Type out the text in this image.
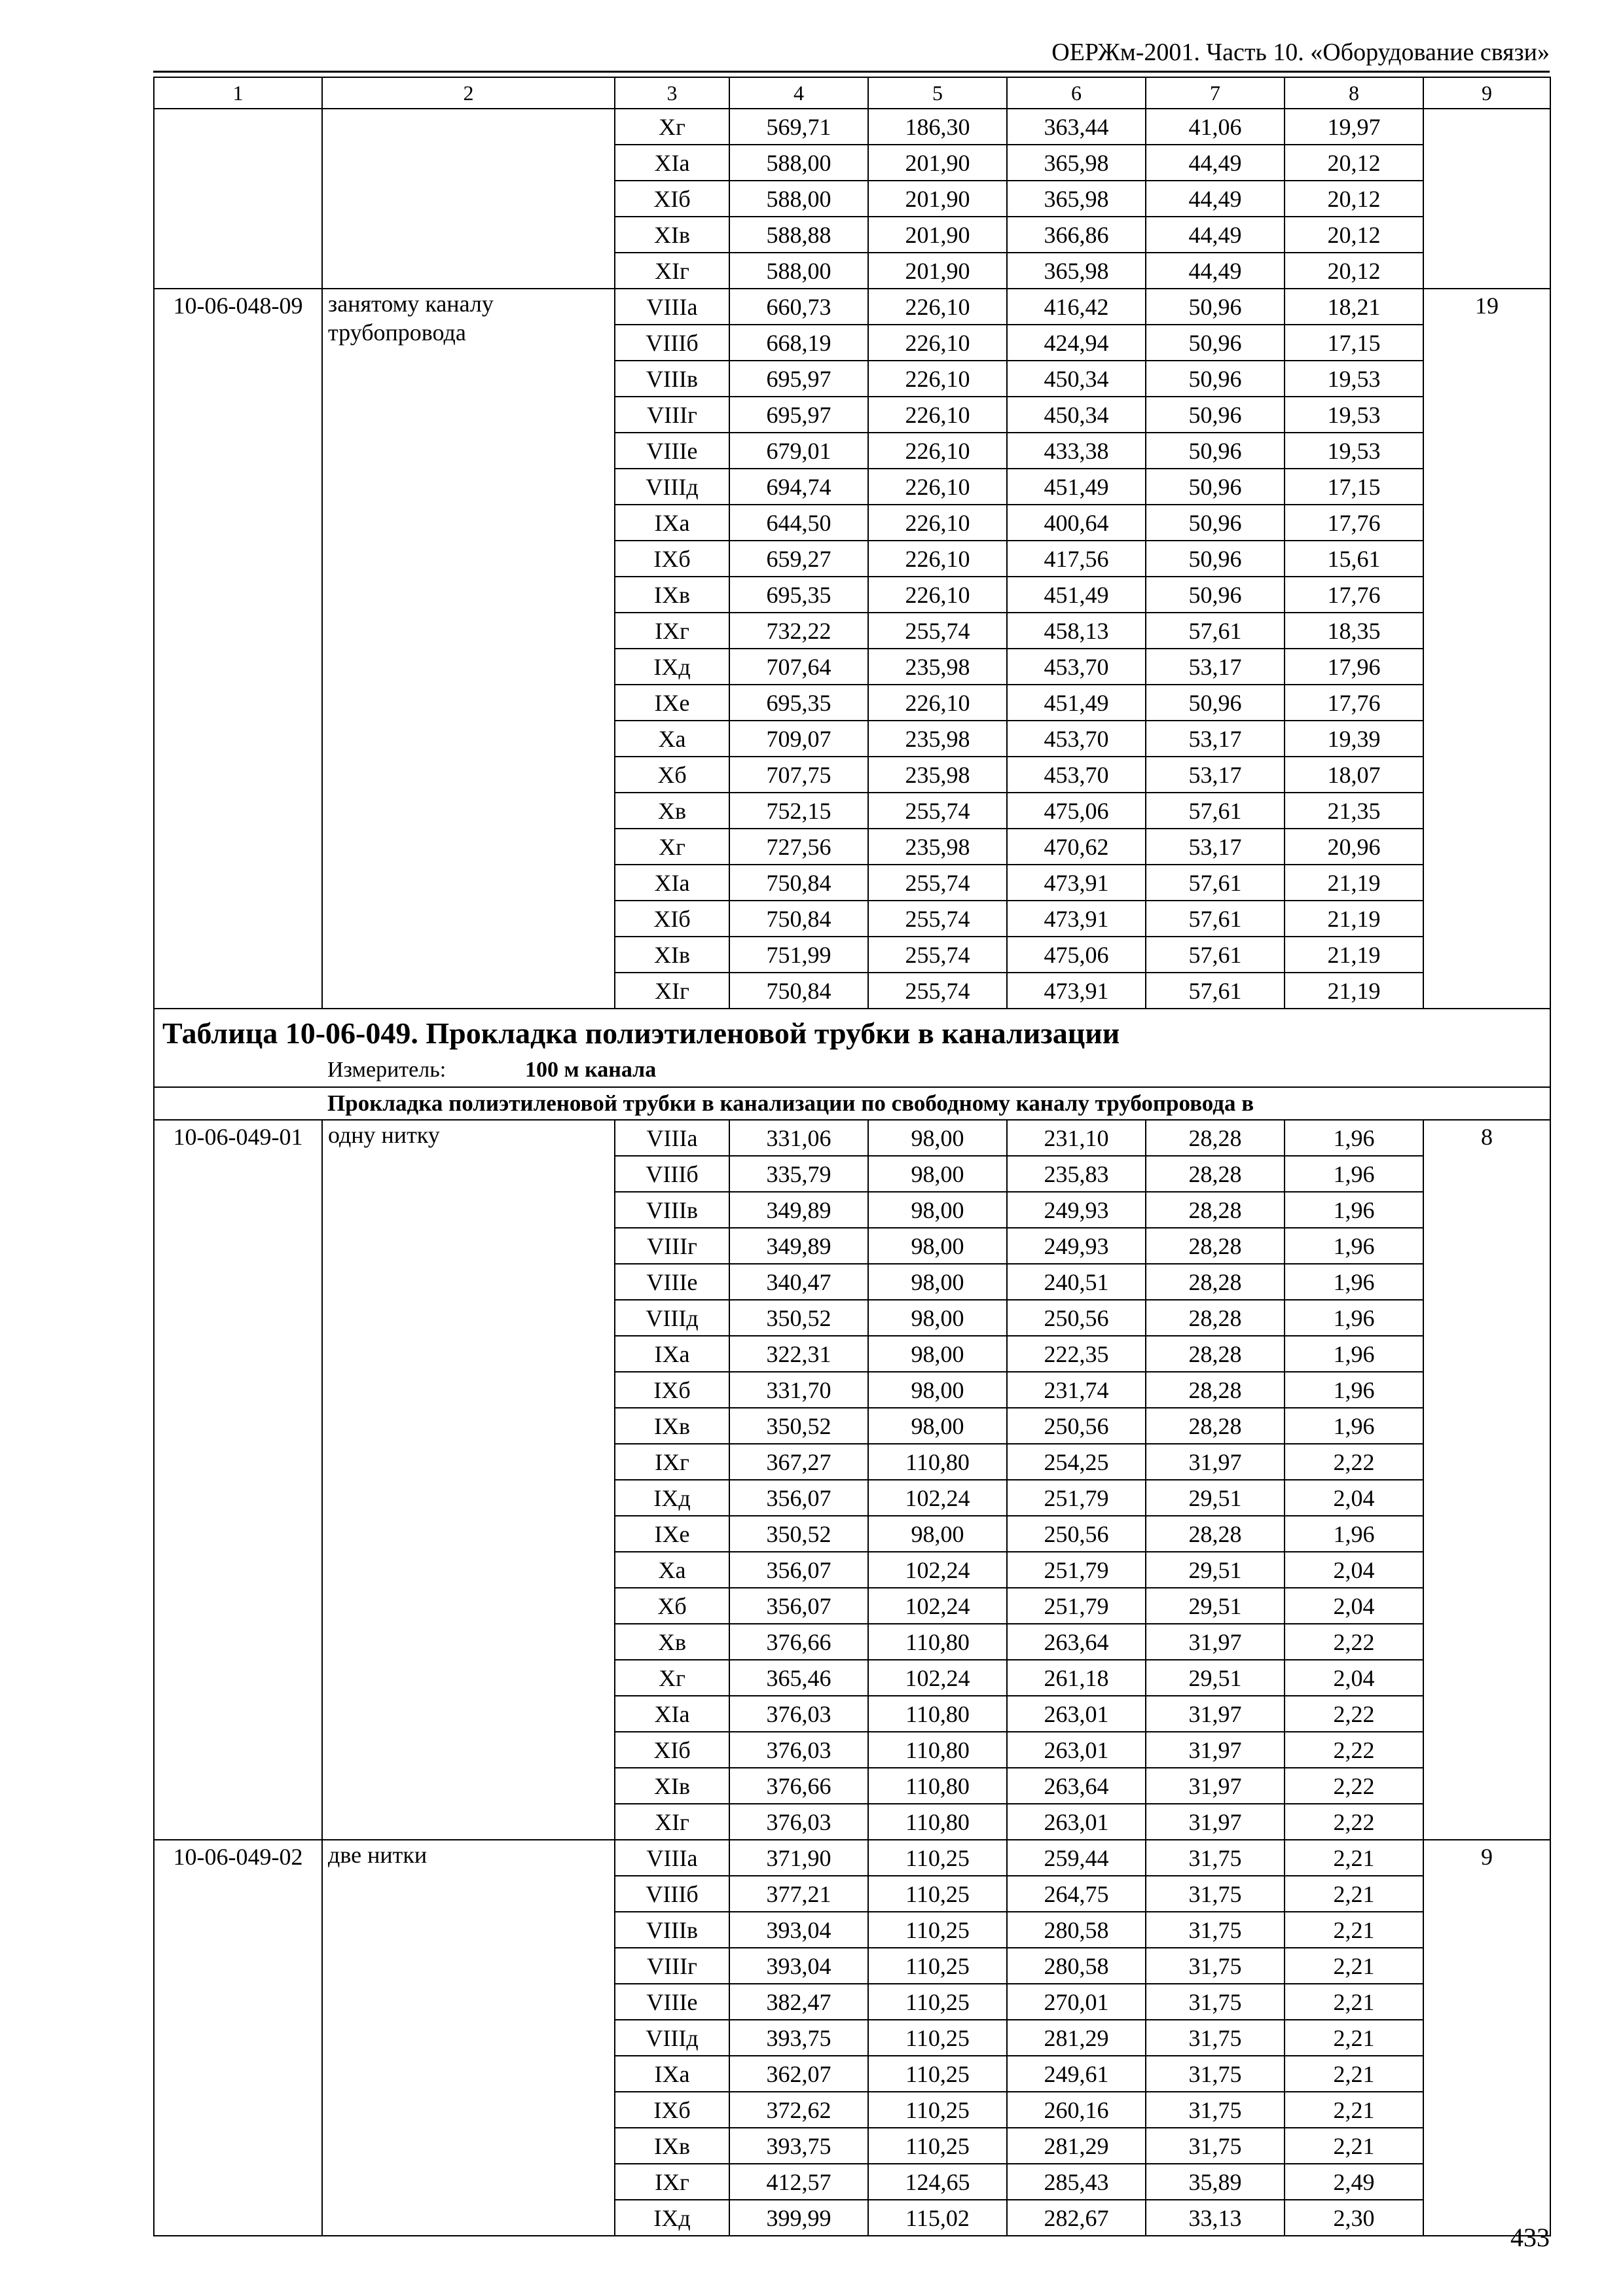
ОЕРЖм-2001. Часть 10. «Оборудование связи»
1	2	3	4	5	6	7	8	9
		Хг	569,71	186,30	363,44	41,06	19,97	
		ХIа	588,00	201,90	365,98	44,49	20,12	
		ХIб	588,00	201,90	365,98	44,49	20,12	
		ХIв	588,88	201,90	366,86	44,49	20,12	
		ХIг	588,00	201,90	365,98	44,49	20,12	
10-06-048-09	занятому каналу трубопровода	VIIIа	660,73	226,10	416,42	50,96	18,21	19
		VIIIб	668,19	226,10	424,94	50,96	17,15	
		VIIIв	695,97	226,10	450,34	50,96	19,53	
		VIIIг	695,97	226,10	450,34	50,96	19,53	
		VIIIе	679,01	226,10	433,38	50,96	19,53	
		VIIIд	694,74	226,10	451,49	50,96	17,15	
		IХа	644,50	226,10	400,64	50,96	17,76	
		IХб	659,27	226,10	417,56	50,96	15,61	
		IХв	695,35	226,10	451,49	50,96	17,76	
		IХг	732,22	255,74	458,13	57,61	18,35	
		IХд	707,64	235,98	453,70	53,17	17,96	
		IХе	695,35	226,10	451,49	50,96	17,76	
		Ха	709,07	235,98	453,70	53,17	19,39	
		Хб	707,75	235,98	453,70	53,17	18,07	
		Хв	752,15	255,74	475,06	57,61	21,35	
		Хг	727,56	235,98	470,62	53,17	20,96	
		ХIа	750,84	255,74	473,91	57,61	21,19	
		ХIб	750,84	255,74	473,91	57,61	21,19	
		ХIв	751,99	255,74	475,06	57,61	21,19	
		ХIг	750,84	255,74	473,91	57,61	21,19	

Таблица 10-06-049. Прокладка полиэтиленовой трубки в канализации
Измеритель: 100 м канала								

Прокладка полиэтиленовой трубки в канализации по свободному каналу трубопровода в								
10-06-049-01	одну нитку	VIIIа	331,06	98,00	231,10	28,28	1,96	8
		VIIIб	335,79	98,00	235,83	28,28	1,96	
		VIIIв	349,89	98,00	249,93	28,28	1,96	
		VIIIг	349,89	98,00	249,93	28,28	1,96	
		VIIIе	340,47	98,00	240,51	28,28	1,96	
		VIIIд	350,52	98,00	250,56	28,28	1,96	
		IХа	322,31	98,00	222,35	28,28	1,96	
		IХб	331,70	98,00	231,74	28,28	1,96	
		IХв	350,52	98,00	250,56	28,28	1,96	
		IХг	367,27	110,80	254,25	31,97	2,22	
		IХд	356,07	102,24	251,79	29,51	2,04	
		IХе	350,52	98,00	250,56	28,28	1,96	
		Ха	356,07	102,24	251,79	29,51	2,04	
		Хб	356,07	102,24	251,79	29,51	2,04	
		Хв	376,66	110,80	263,64	31,97	2,22	
		Хг	365,46	102,24	261,18	29,51	2,04	
		ХIа	376,03	110,80	263,01	31,97	2,22	
		ХIб	376,03	110,80	263,01	31,97	2,22	
		ХIв	376,66	110,80	263,64	31,97	2,22	
		ХIг	376,03	110,80	263,01	31,97	2,22	
10-06-049-02	две нитки	VIIIа	371,90	110,25	259,44	31,75	2,21	9
		VIIIб	377,21	110,25	264,75	31,75	2,21	
		VIIIв	393,04	110,25	280,58	31,75	2,21	
		VIIIг	393,04	110,25	280,58	31,75	2,21	
		VIIIе	382,47	110,25	270,01	31,75	2,21	
		VIIIд	393,75	110,25	281,29	31,75	2,21	
		IХа	362,07	110,25	249,61	31,75	2,21	
		IХб	372,62	110,25	260,16	31,75	2,21	
		IХв	393,75	110,25	281,29	31,75	2,21	
		IХг	412,57	124,65	285,43	35,89	2,49	
		IХд	399,99	115,02	282,67	33,13	2,30	
433
